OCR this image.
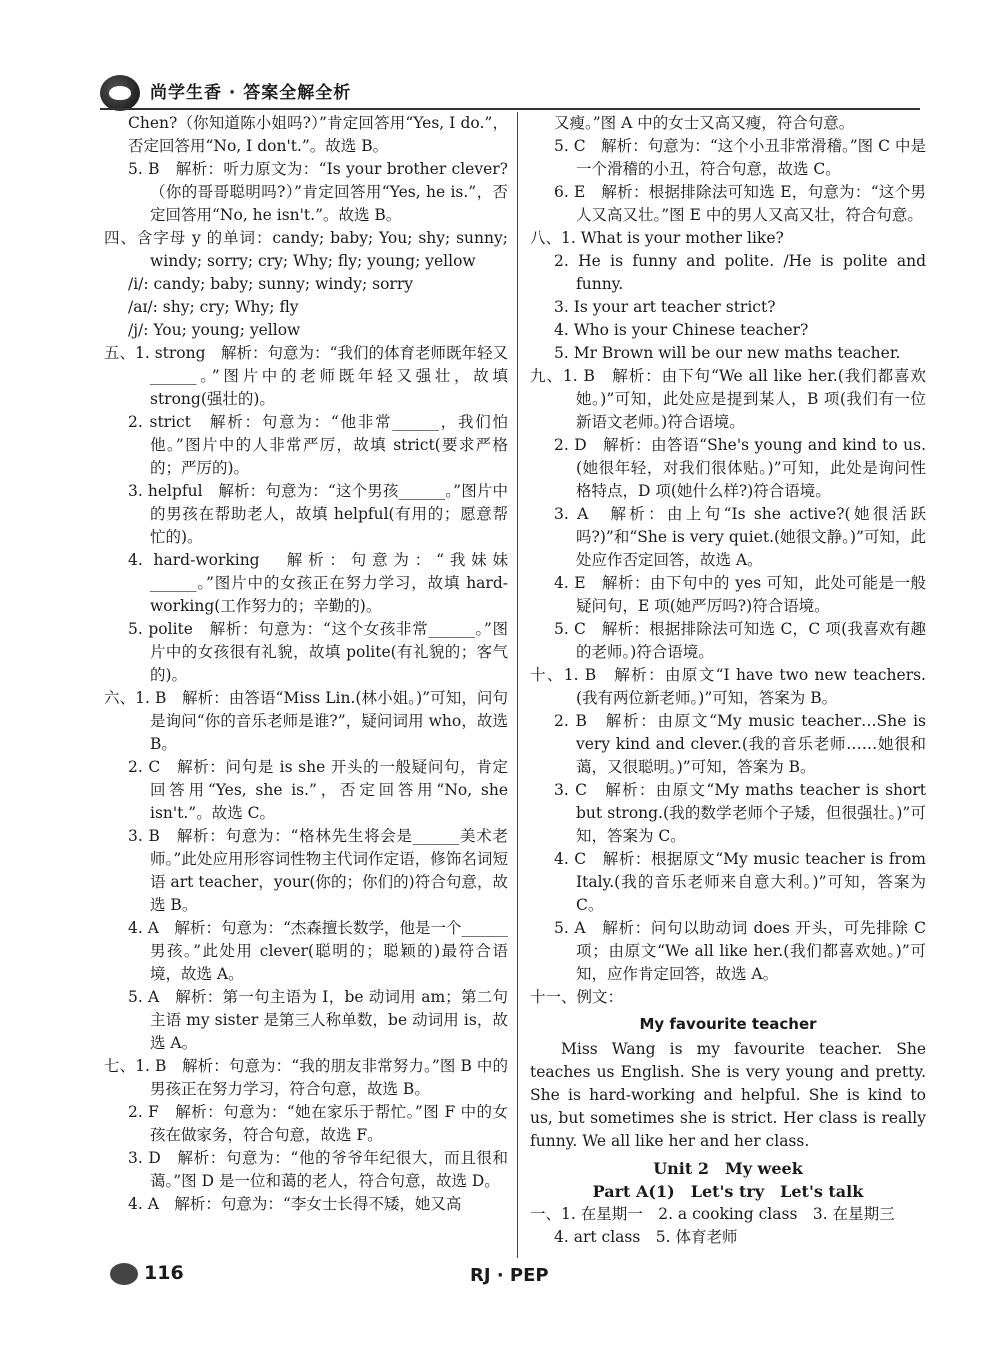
尚学生香 · 答案全解全析

Chen?（你知道陈小姐吗?）”肯定回答用“Yes, I do.”，否定回答用“No, I don't.”。故选 B。

5. B　解析：听力原文为：“Is your brother clever?（你的哥哥聪明吗?）”肯定回答用“Yes, he is.”，否定回答用“No, he isn't.”。故选 B。

四、含字母 y 的单词：candy; baby; You; shy; sunny; windy; sorry; cry; Why; fly; young; yellow

/i/: candy; baby; sunny; windy; sorry

/aɪ/: shy; cry; Why; fly

/j/: You; young; yellow

五、1. strong　解析：句意为：“我们的体育老师既年轻又______。”图片中的老师既年轻又强壮，故填 strong(强壮的)。

2. strict　解析：句意为：“他非常______，我们怕他。”图片中的人非常严厉，故填 strict(要求严格的；严厉的)。

3. helpful　解析：句意为：“这个男孩______。”图片中的男孩在帮助老人，故填 helpful(有用的；愿意帮忙的)。

4. hard-working　解析：句意为：“我妹妹______。”图片中的女孩正在努力学习，故填 hard-working(工作努力的；辛勤的)。

5. polite　解析：句意为：“这个女孩非常______。”图片中的女孩很有礼貌，故填 polite(有礼貌的；客气的)。

六、1. B　解析：由答语“Miss Lin.(林小姐。)”可知，问句是询问“你的音乐老师是谁?”，疑问词用 who，故选 B。

2. C　解析：问句是 is she 开头的一般疑问句，肯定回答用“Yes, she is.”，否定回答用“No, she isn't.”。故选 C。

3. B　解析：句意为：“格林先生将会是______美术老师。”此处应用形容词性物主代词作定语，修饰名词短语 art teacher，your(你的；你们的)符合句意，故选 B。

4. A　解析：句意为：“杰森擅长数学，他是一个______男孩。”此处用 clever(聪明的；聪颖的)最符合语境，故选 A。

5. A　解析：第一句主语为 I，be 动词用 am；第二句主语 my sister 是第三人称单数，be 动词用 is，故选 A。

七、1. B　解析：句意为：“我的朋友非常努力。”图 B 中的男孩正在努力学习，符合句意，故选 B。

2. F　解析：句意为：“她在家乐于帮忙。”图 F 中的女孩在做家务，符合句意，故选 F。

3. D　解析：句意为：“他的爷爷年纪很大，而且很和蔼。”图 D 是一位和蔼的老人，符合句意，故选 D。

4. A　解析：句意为：“李女士长得不矮，她又高

又瘦。”图 A 中的女士又高又瘦，符合句意。

5. C　解析：句意为：“这个小丑非常滑稽。”图 C 中是一个滑稽的小丑，符合句意，故选 C。

6. E　解析：根据排除法可知选 E，句意为：“这个男人又高又壮。”图 E 中的男人又高又壮，符合句意。

八、1. What is your mother like?

2. He is funny and polite. /He is polite and funny.

3. Is your art teacher strict?

4. Who is your Chinese teacher?

5. Mr Brown will be our new maths teacher.

九、1. B　解析：由下句“We all like her.(我们都喜欢她。)”可知，此处应是提到某人，B 项(我们有一位新语文老师。)符合语境。

2. D　解析：由答语“She's young and kind to us.(她很年轻，对我们很体贴。)”可知，此处是询问性格特点，D 项(她什么样?)符合语境。

3. A　解析：由上句“Is she active?(她很活跃吗?)”和“She is very quiet.(她很文静。)”可知，此处应作否定回答，故选 A。

4. E　解析：由下句中的 yes 可知，此处可能是一般疑问句，E 项(她严厉吗?)符合语境。

5. C　解析：根据排除法可知选 C，C 项(我喜欢有趣的老师。)符合语境。

十、1. B　解析：由原文“I have two new teachers.(我有两位新老师。)”可知，答案为 B。

2. B　解析：由原文“My music teacher…She is very kind and clever.(我的音乐老师……她很和蔼，又很聪明。)”可知，答案为 B。

3. C　解析：由原文“My maths teacher is short but strong.(我的数学老师个子矮，但很强壮。)”可知，答案为 C。

4. C　解析：根据原文“My music teacher is from Italy.(我的音乐老师来自意大利。)”可知，答案为 C。

5. A　解析：问句以助动词 does 开头，可先排除 C 项；由原文“We all like her.(我们都喜欢她。)”可知，应作肯定回答，故选 A。

十一、例文：

My favourite teacher

Miss Wang is my favourite teacher. She teaches us English. She is very young and pretty. She is hard-working and helpful. She is kind to us, but sometimes she is strict. Her class is really funny. We all like her and her class.

Unit 2　My week

Part A(1)　Let's try　Let's talk

一、1. 在星期一　2. a cooking class　3. 在星期三

4. art class　5. 体育老师

116	RJ · PEP
